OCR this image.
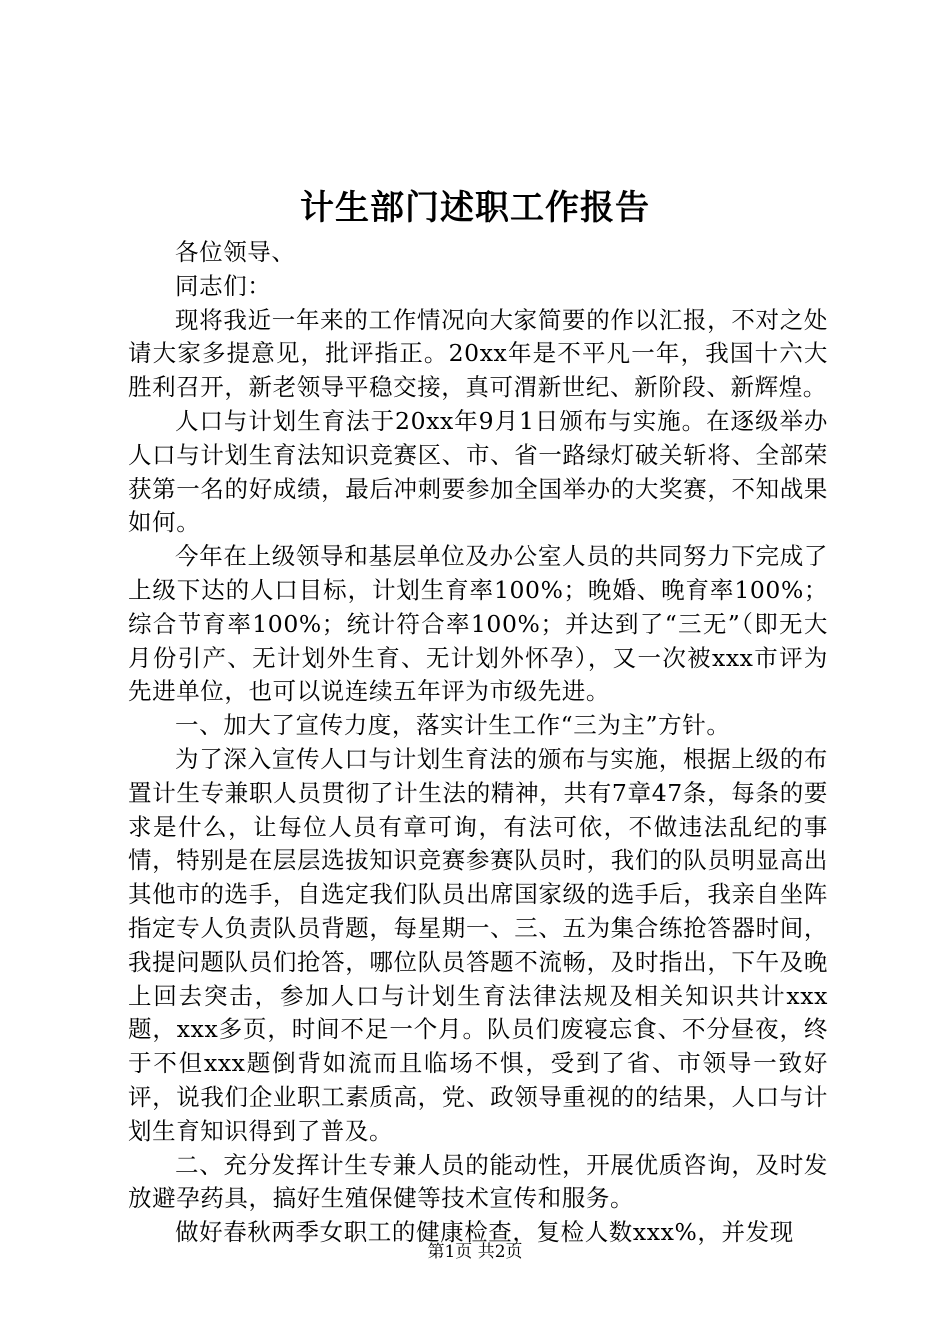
计生部门述职工作报告

各位领导、

同志们：

现将我近一年来的工作情况向大家简要的作以汇报，不对之处请大家多提意见，批评指正。20xx年是不平凡一年，我国十六大胜利召开，新老领导平稳交接，真可渭新世纪、新阶段、新辉煌。

人口与计划生育法于20xx年9月1日颁布与实施。在逐级举办人口与计划生育法知识竞赛区、市、省一路绿灯破关斩将、全部荣获第一名的好成绩，最后冲刺要参加全国举办的大奖赛，不知战果如何。

今年在上级领导和基层单位及办公室人员的共同努力下完成了上级下达的人口目标，计划生育率100%；晚婚、晚育率100%；综合节育率100%；统计符合率100%；并达到了“三无”（即无大月份引产、无计划外生育、无计划外怀孕），又一次被xxx市评为先进单位，也可以说连续五年评为市级先进。

一、加大了宣传力度，落实计生工作“三为主”方针。

为了深入宣传人口与计划生育法的颁布与实施，根据上级的布置计生专兼职人员贯彻了计生法的精神，共有7章47条，每条的要求是什么，让每位人员有章可询，有法可依，不做违法乱纪的事情，特别是在层层选拔知识竞赛参赛队员时，我们的队员明显高出其他市的选手，自选定我们队员出席国家级的选手后，我亲自坐阵指定专人负责队员背题，每星期一、三、五为集合练抢答器时间，我提问题队员们抢答，哪位队员答题不流畅，及时指出，下午及晚上回去突击，参加人口与计划生育法律法规及相关知识共计xxx题，xxx多页，时间不足一个月。队员们废寝忘食、不分昼夜，终于不但xxx题倒背如流而且临场不惧，受到了省、市领导一致好评，说我们企业职工素质高，党、政领导重视的的结果，人口与计划生育知识得到了普及。

二、充分发挥计生专兼人员的能动性，开展优质咨询，及时发放避孕药具，搞好生殖保健等技术宣传和服务。

做好春秋两季女职工的健康检查，复检人数xxx%，并发现

第1页 共2页
